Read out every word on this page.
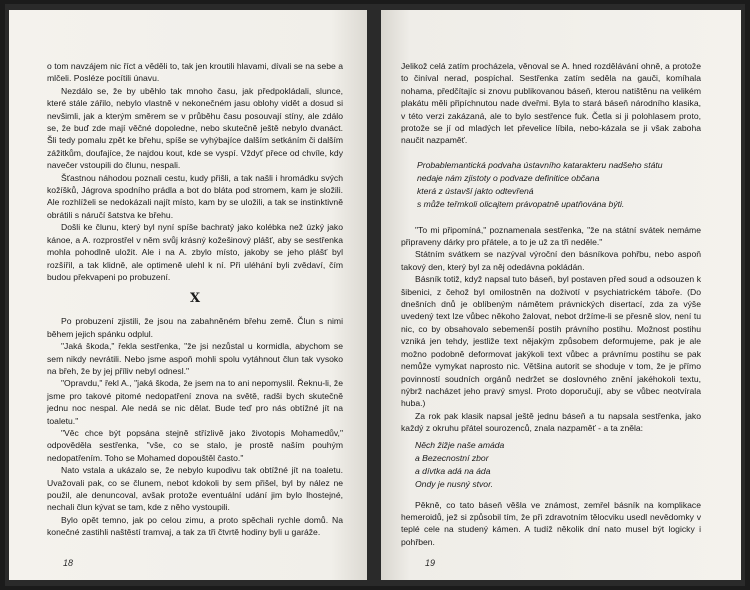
o tom navzájem nic říct a věděli to, tak jen kroutili hlavami, dívali se na sebe a mlčeli. Posléze pocítili únavu.

Nezdálo se, že by uběhlo tak mnoho času, jak předpokládali, slunce, které stále zářilo, nebylo vlastně v nekonečném jasu oblohy vidět a dosud si nevšimli, jak a kterým směrem se v průběhu času posouvají stíny, ale zdálo se, že buď zde mají věčné dopoledne, nebo skutečně ještě nebylo dvanáct. Šli tedy pomalu zpět ke břehu, spíše se vyhýbajíce dalším setkáním či dalším zážitkům, doufajíce, že najdou kout, kde se vyspí. Vždyť přece od chvíle, kdy navečer vstoupili do člunu, nespali.

Šťastnou náhodou poznali cestu, kudy přišli, a tak našli i hromádku svých kožíšků, Jágrova spodního prádla a bot do bláta pod stromem, kam je složili. Ale rozhlíželi se nedokázali najít místo, kam by se uložili, a tak se instinktivně obrátili s náručí šatstva ke břehu.

Došli ke člunu, který byl nyní spíše bachratý jako kolébka než úzký jako kánoe, a A. rozprostřel v něm svůj krásný kožešinový plášť, aby se sestřenka mohla pohodlně uložit. Ale i na A. zbylo místo, jakoby se jeho plášť byl rozšířil, a tak klidně, ale optimeně ulehl k ní. Při uléhání byli zvědaví, čím budou překvapeni po probuzení.

X

Po probuzení zjistili, že jsou na zabahněném břehu země. Člun s nimi během jejich spánku odplul.

"Jaká škoda," řekla sestřenka, "že jsi nezůstal u kormidla, abychom se sem nikdy nevrátili. Nebo jsme aspoň mohli spolu vytáhnout člun tak vysoko na břeh, že by jej příliv nebyl odnesl."

"Opravdu," řekl A., "jaká škoda, že jsem na to ani nepomyslil. Řeknu-li, že jsme pro takové pitomé nedopatření znova na světě, radši bych skutečně jednu noc nespal. Ale nedá se nic dělat. Bude teď pro nás obtížné jít na toaletu."

"Věc chce být popsána stejně střízlivě jako životopis Mohamedův," odpověděla sestřenka, "vše, co se stalo, je prostě naším pouhým nedopatřením. Toho se Mohamed dopouštěl často."

Nato vstala a ukázalo se, že nebylo kupodivu tak obtížné jít na toaletu. Uvažovali pak, co se člunem, nebot kdokoli by sem přišel, byl by nález ne použil, ale denuncoval, avšak protože eventuální udání jim bylo lhostejné, nechali člun kývat se tam, kde z něho vystoupili.

Bylo opět temno, jak po celou zimu, a proto spěchali rychle domů. Na konečné zastihli naštěstí tramvaj, a tak za tři čtvrtě hodiny byli u garáže.

18

Jelikož celá zatím procházela, věnoval se A. hned rozdělávání ohně, a protože to činíval nerad, pospíchal. Sestřenka zatím seděla na gauči, komíhala nohama, předčítajíc si znovu publikovanou báseň, kterou natištěnu na velikém plakátu měli připíchnutou nade dveřmi. Byla to stará báseň národního klasika, v této verzi zakázaná, ale to bylo sestřence fuk. Četla si ji polohlasem proto, protože se jí od mladých let převelice líbila, nebo-kázala se ji však zaboha naučit nazpaměť.

Probablemantická podvaha ústavního katarakteru nadšeho státu
nedaje nám zjistoty o podvaze definitice občana
která z ústavší jakto odtevřená
s může teřmkoli olicajtem právopatně upatňována býti.

"To mi připomíná," poznamenala sestřenka, "že na státní svátek nemáme připraveny dárky pro přátele, a to je už za tři neděle."

Státním svátkem se nazýval výroční den básníkova pohřbu, nebo aspoň takový den, který byl za něj odedávna pokládán.

Básník totiž, když napsal tuto báseň, byl postaven před soud a odsouzen k šibenici, z čehož byl omilostněn na doživotí v psychiatrickém táboře. (Do dnešních dnů je oblíbeným námětem právnických disertací, zda za výše uvedený text lze vůbec někoho žalovat, nebot držíme-li se přesně slov, není tu nic, co by obsahovalo sebemenší postih právního postihu. Možnost postihu vzniká jen tehdy, jestliže text nějakým způsobem deformujeme, pak je ale možno podobně deformovat jakýkoli text vůbec a právnímu postihu se pak nemůže vymykat naprosto nic. Většina autorit se shoduje v tom, že je přímo povinností soudních orgánů nedržet se doslovného znění jakéhokoli textu, nýbrž nacházet jeho pravý smysl. Proto doporučují, aby se vůbec neotvírala huba.)

Za rok pak klasik napsal ještě jednu báseň a tu napsala sestřenka, jako každý z okruhu přátel sourozenců, znala nazpaměť - a ta zněla:

Něch žižje naše amáda
a Bezecnostní zbor
a dívtka adá na áda
Ondy je nusný stvor.

Pěkně, co tato báseň věšla ve známost, zemřel básník na komplikace hemeroidů, jež si způsobil tím, že při zdravotním tělocviku usedl nevědomky v teplé cele na studený kámen. A tudíž několik dní nato musel být logicky i pohřben.

19
